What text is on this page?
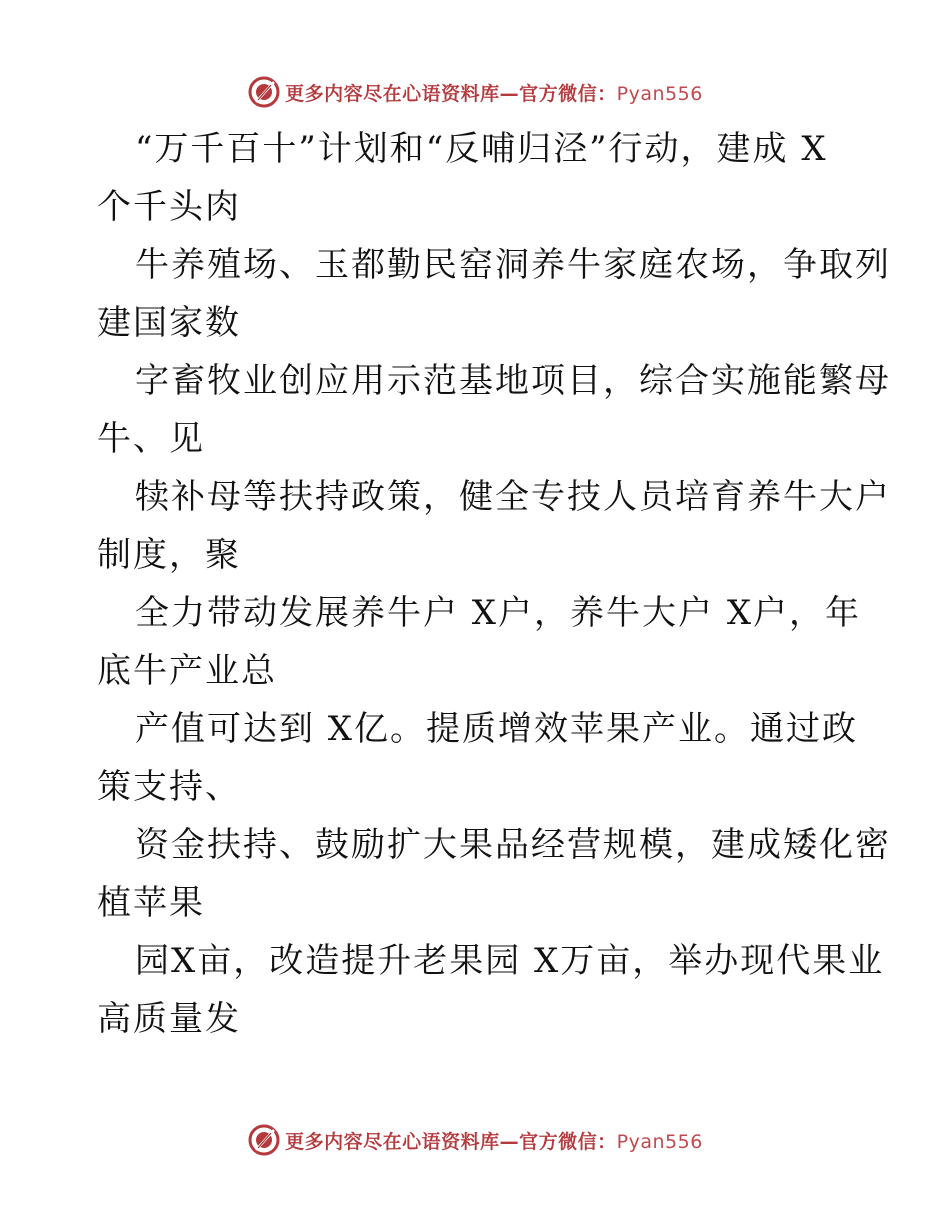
更多内容尽在心语资料库—官方微信：Pyan556
“万千百十”计划和“反哺归泾”行动，建成 X
个千头肉
牛养殖场、玉都勤民窑洞养牛家庭农场，争取列
建国家数
字畜牧业创应用示范基地项目，综合实施能繁母
牛、见
犊补母等扶持政策，健全专技人员培育养牛大户
制度，聚
全力带动发展养牛户 X户，养牛大户 X户，年
底牛产业总
产值可达到 X亿。提质增效苹果产业。通过政
策支持、
资金扶持、鼓励扩大果品经营规模，建成矮化密
植苹果
园X亩，改造提升老果园 X万亩，举办现代果业
高质量发
更多内容尽在心语资料库—官方微信：Pyan556
